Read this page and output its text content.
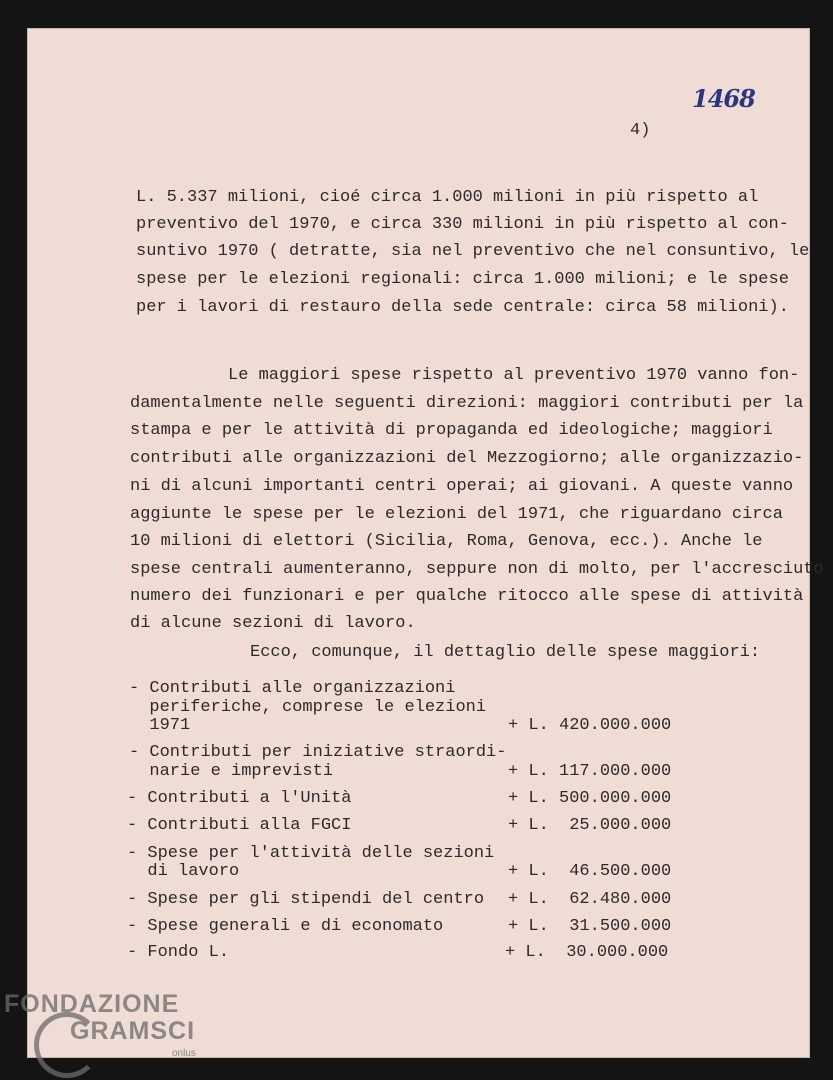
1468
4)
L. 5.337 milioni, cioé circa 1.000 milioni in più rispetto al
preventivo del 1970, e circa 330 milioni in più rispetto al con-
suntivo 1970 ( detratte, sia nel preventivo che nel consuntivo, le
spese per le elezioni regionali: circa 1.000 milioni; e le spese
per i lavori di restauro della sede centrale: circa 58 milioni).
Le maggiori spese rispetto al preventivo 1970 vanno fon-
damentalmente nelle seguenti direzioni: maggiori contributi per la
stampa e per le attività di propaganda ed ideologiche; maggiori
contributi alle organizzazioni del Mezzogiorno; alle organizzazio-
ni di alcuni importanti centri operai; ai giovani. A queste vanno
aggiunte le spese per le elezioni del 1971, che riguardano circa
10 milioni di elettori (Sicilia, Roma, Genova, ecc.). Anche le
spese centrali aumenteranno, seppure non di molto, per l'accresciuto
numero dei funzionari e per qualche ritocco alle spese di attività
di alcune sezioni di lavoro.
Ecco, comunque, il dettaglio delle spese maggiori:
- Contributi alle organizzazioni
periferiche, comprese le elezioni
1971	+ L. 420.000.000
- Contributi per iniziative straordi-
narie e imprevisti	+ L. 117.000.000
- Contributi a l'Unità	+ L. 500.000.000
- Contributi alla FGCI	+ L.  25.000.000
- Spese per l'attività delle sezioni
di lavoro	+ L.  46.500.000
- Spese per gli stipendi del centro + L.  62.480.000
- Spese generali e di economato	+ L.  31.500.000
- Fondo L.	+ L.  30.000.000
FONDAZIONE
GRAMSCI
onlus
